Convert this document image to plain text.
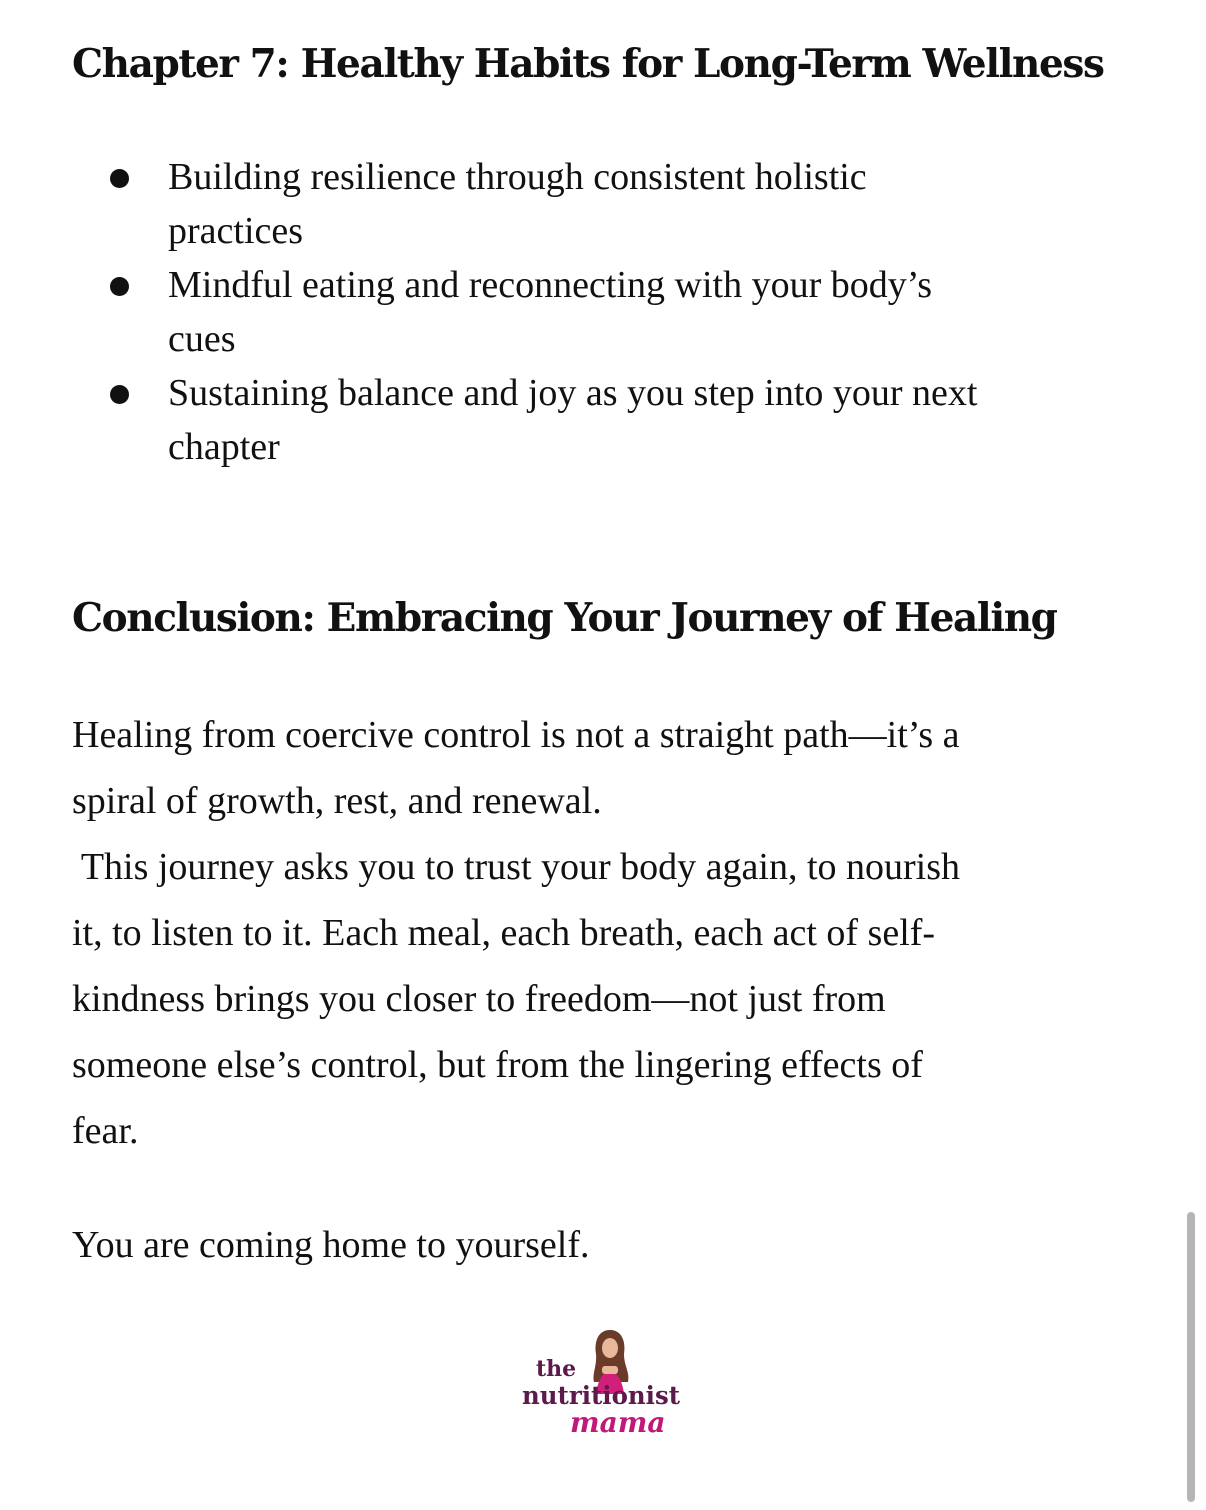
Chapter 7: Healthy Habits for Long-Term Wellness
Building resilience through consistent holistic
practices
Mindful eating and reconnecting with your body’s
cues
Sustaining balance and joy as you step into your next
chapter
Conclusion: Embracing Your Journey of Healing

Healing from coercive control is not a straight path—it’s a
spiral of growth, rest, and renewal.
This journey asks you to trust your body again, to nourish
it, to listen to it. Each meal, each breath, each act of self-
kindness brings you closer to freedom—not just from
someone else’s control, but from the lingering effects of
fear.

You are coming home to yourself.

the
nutritionist
mama
